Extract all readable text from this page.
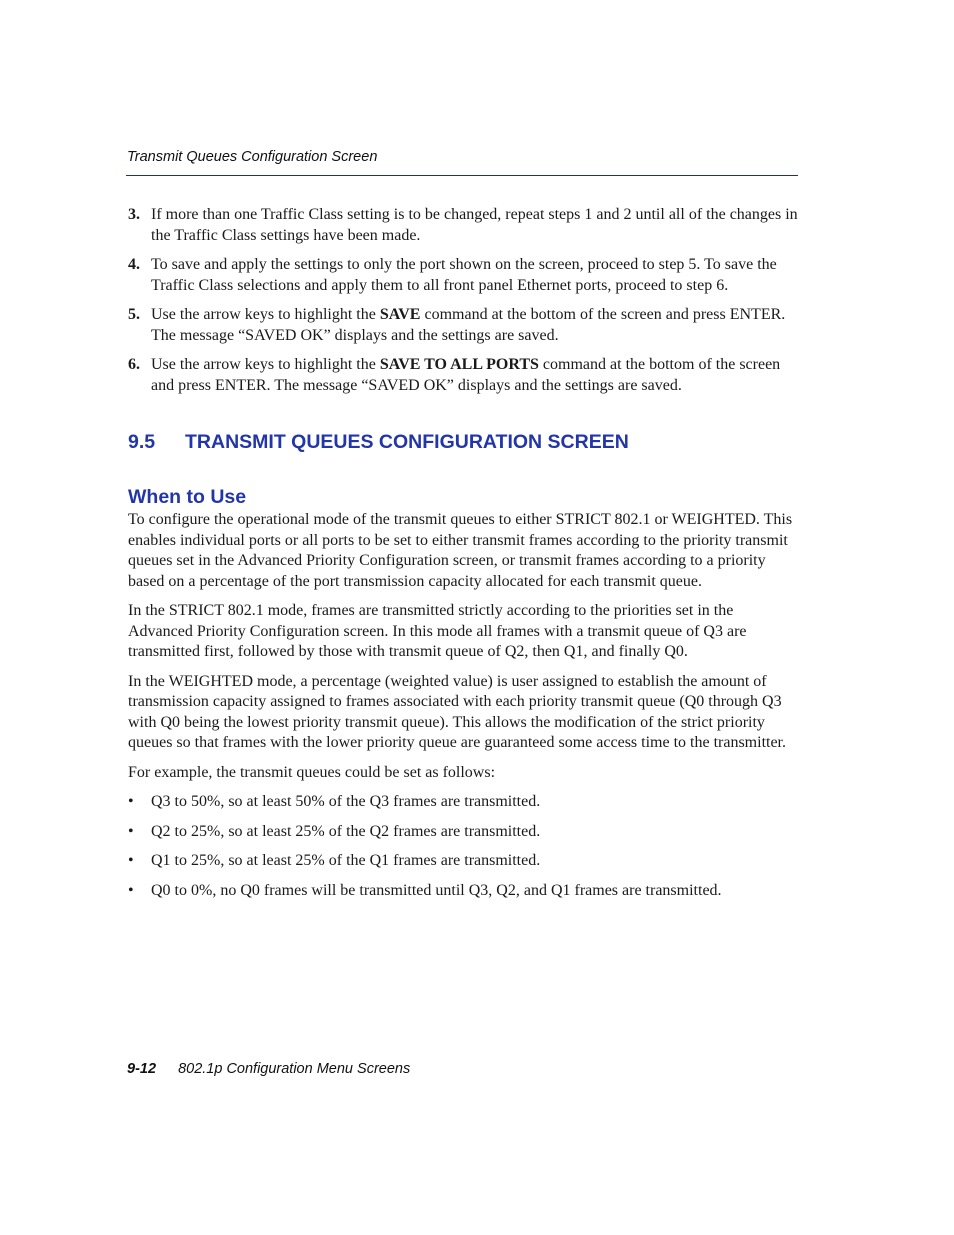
Transmit Queues Configuration Screen
3. If more than one Traffic Class setting is to be changed, repeat steps 1 and 2 until all of the changes in the Traffic Class settings have been made.
4. To save and apply the settings to only the port shown on the screen, proceed to step 5. To save the Traffic Class selections and apply them to all front panel Ethernet ports, proceed to step 6.
5. Use the arrow keys to highlight the SAVE command at the bottom of the screen and press ENTER. The message “SAVED OK” displays and the settings are saved.
6. Use the arrow keys to highlight the SAVE TO ALL PORTS command at the bottom of the screen and press ENTER. The message “SAVED OK” displays and the settings are saved.
9.5	TRANSMIT QUEUES CONFIGURATION SCREEN
When to Use

To configure the operational mode of the transmit queues to either STRICT 802.1 or WEIGHTED. This enables individual ports or all ports to be set to either transmit frames according to the priority transmit queues set in the Advanced Priority Configuration screen, or transmit frames according to a priority based on a percentage of the port transmission capacity allocated for each transmit queue.

In the STRICT 802.1 mode, frames are transmitted strictly according to the priorities set in the Advanced Priority Configuration screen. In this mode all frames with a transmit queue of Q3 are transmitted first, followed by those with transmit queue of Q2, then Q1, and finally Q0.

In the WEIGHTED mode, a percentage (weighted value) is user assigned to establish the amount of transmission capacity assigned to frames associated with each priority transmit queue (Q0 through Q3 with Q0 being the lowest priority transmit queue). This allows the modification of the strict priority queues so that frames with the lower priority queue are guaranteed some access time to the transmitter.

For example, the transmit queues could be set as follows:

•	Q3 to 50%, so at least 50% of the Q3 frames are transmitted.
•	Q2 to 25%, so at least 25% of the Q2 frames are transmitted.
•	Q1 to 25%, so at least 25% of the Q1 frames are transmitted.
•	Q0 to 0%, no Q0 frames will be transmitted until Q3, Q2, and Q1 frames are transmitted.
9-12 802.1p Configuration Menu Screens
